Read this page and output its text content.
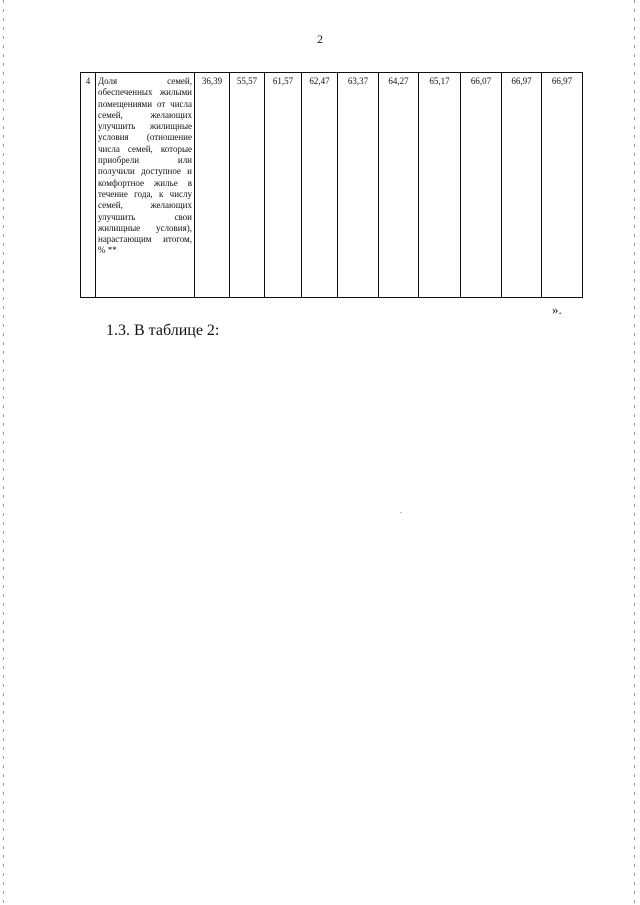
2
4	Доля семей, обеспеченных жилыми помещениями от числа семей, желающих улучшить жилищные условия (отношение числа семей, которые приобрели или получили доступное и комфортное жилье в течение года, к числу семей, желающих улучшить свои жилищные условия), нарастающим итогом, % **	36,39	55,57	61,57	62,47	63,37	64,27	65,17	66,07	66,97	66,97
».
1.3. В таблице 2:
